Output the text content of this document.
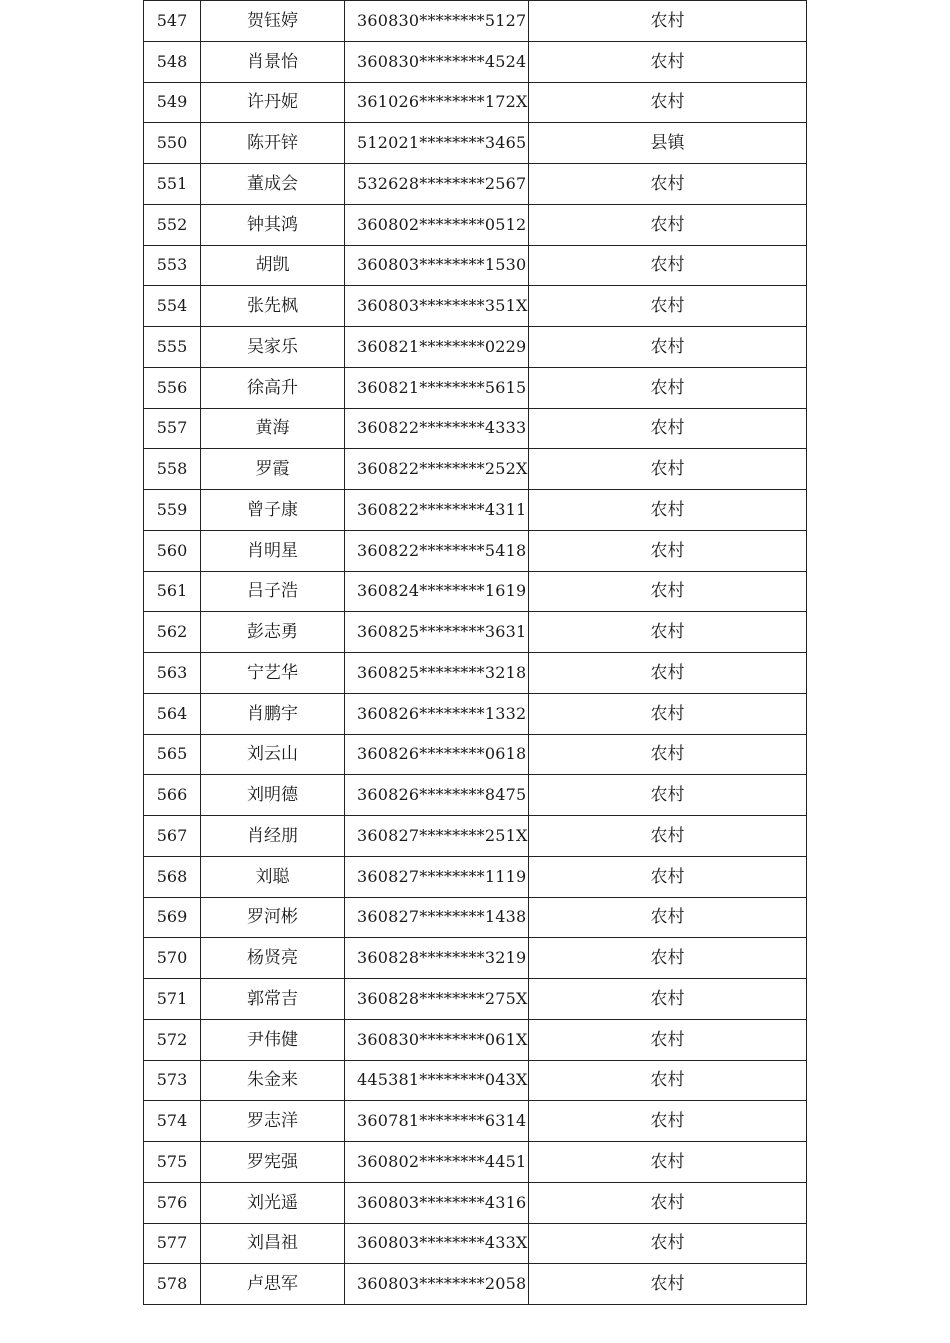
547	贺钰婷	360830********5127	农村
548	肖景怡	360830********4524	农村
549	许丹妮	361026********172X	农村
550	陈开锌	512021********3465	县镇
551	董成会	532628********2567	农村
552	钟其鸿	360802********0512	农村
553	胡凯	360803********1530	农村
554	张先枫	360803********351X	农村
555	吴家乐	360821********0229	农村
556	徐高升	360821********5615	农村
557	黄海	360822********4333	农村
558	罗霞	360822********252X	农村
559	曾子康	360822********4311	农村
560	肖明星	360822********5418	农村
561	吕子浩	360824********1619	农村
562	彭志勇	360825********3631	农村
563	宁艺华	360825********3218	农村
564	肖鹏宇	360826********1332	农村
565	刘云山	360826********0618	农村
566	刘明德	360826********8475	农村
567	肖经朋	360827********251X	农村
568	刘聪	360827********1119	农村
569	罗河彬	360827********1438	农村
570	杨贤亮	360828********3219	农村
571	郭常吉	360828********275X	农村
572	尹伟健	360830********061X	农村
573	朱金来	445381********043X	农村
574	罗志洋	360781********6314	农村
575	罗宪强	360802********4451	农村
576	刘光遥	360803********4316	农村
577	刘昌祖	360803********433X	农村
578	卢思军	360803********2058	农村
